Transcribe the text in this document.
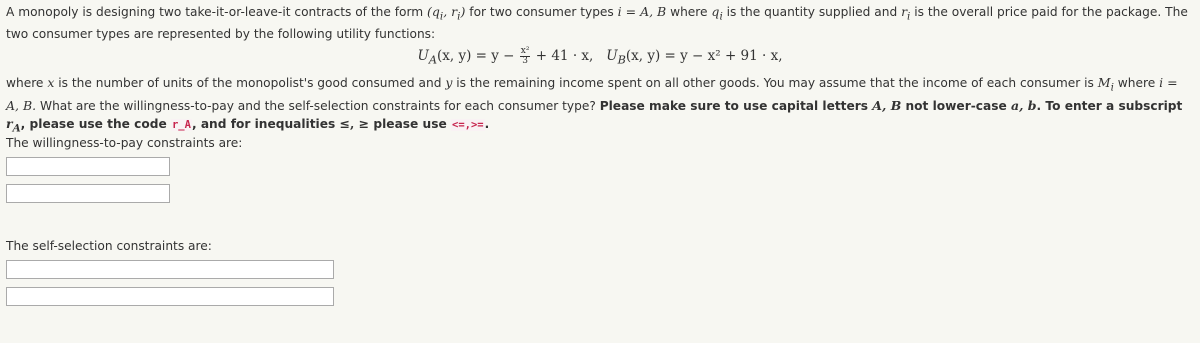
A monopoly is designing two take-it-or-leave-it contracts of the form ($q_i$, $r_i$) for two consumer types i = A, B where $q_i$ is the quantity supplied and $r_i$ is the overall price paid for the package. The two consumer types are represented by the following utility functions:

$U_A(x$, $y) = y - \frac{\text{x²}}{3} + 41 \cdot x$, $U_B(x$, y) = y − x² + 91 · x,

where x is the number of units of the monopolist's good consumed and y is the remaining income spent on all other goods. You may assume that the income of each consumer is $M_i$ where i = A, B. What are the willingness-to-pay and the self-selection constraints for each consumer type? Please make sure to use capital letters A, B not lower-case a, b. To enter a subscript $r_A$, please use the code r_A, and for inequalities ≤, ≥ please use <=,>=.

The willingness-to-pay constraints are:
The self-selection constraints are:
